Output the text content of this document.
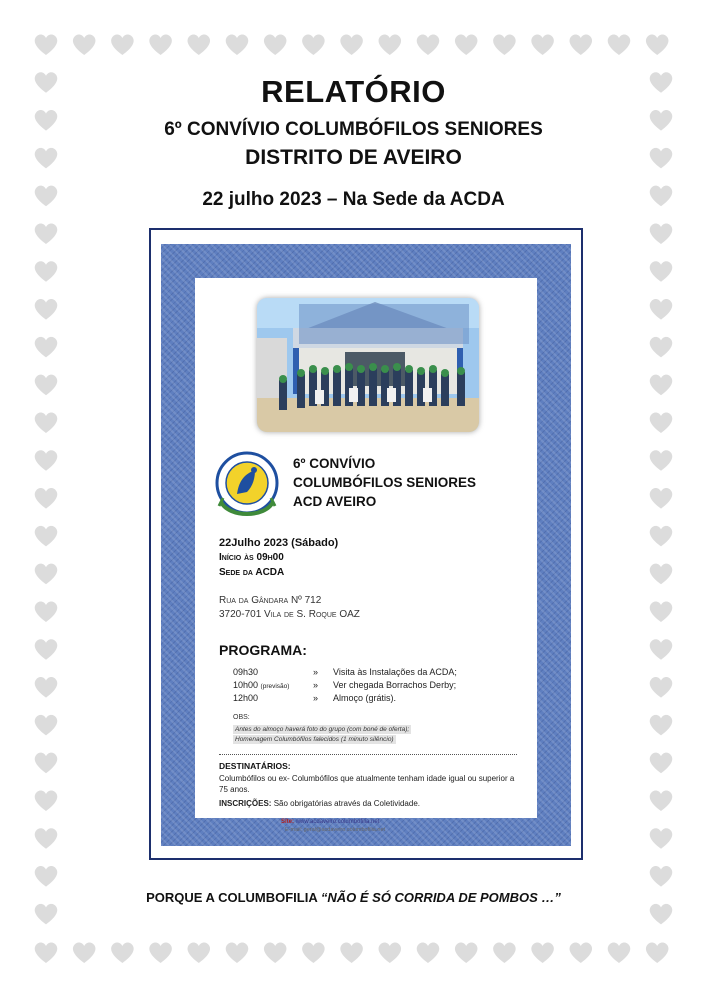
RELATÓRIO
6º CONVÍVIO COLUMBÓFILOS SENIORES
DISTRITO DE AVEIRO
22 julho 2023 – Na Sede da ACDA
6º CONVÍVIO
COLUMBÓFILOS SENIORES
ACD AVEIRO
22Julho 2023 (Sábado)
Início às 09h00
Sede da ACDA
Rua da Gândara Nº 712
3720-701 Vila de S. Roque OAZ
PROGRAMA:
09h30	»	Visita às Instalações da ACDA;
10h00 (previsão)	»	Ver chegada Borrachos Derby;
12h00	»	Almoço (grátis).
OBS:
Antes do almoço haverá foto do grupo (com boné de oferta);
Homenagem Columbófilos falecidos (1 minuto silêncio)
DESTINATÁRIOS:
Columbófilos ou ex- Columbófilos que atualmente tenham idade igual ou superior a 75 anos.
INSCRIÇÕES: São obrigatórias através da Coletividade.
Site: www.acdaveiro.columbofilia.net
E-mail: geral@acdaveiro.columbofilia.net
PORQUE A COLUMBOFILIA “NÃO É SÓ CORRIDA DE POMBOS …”
